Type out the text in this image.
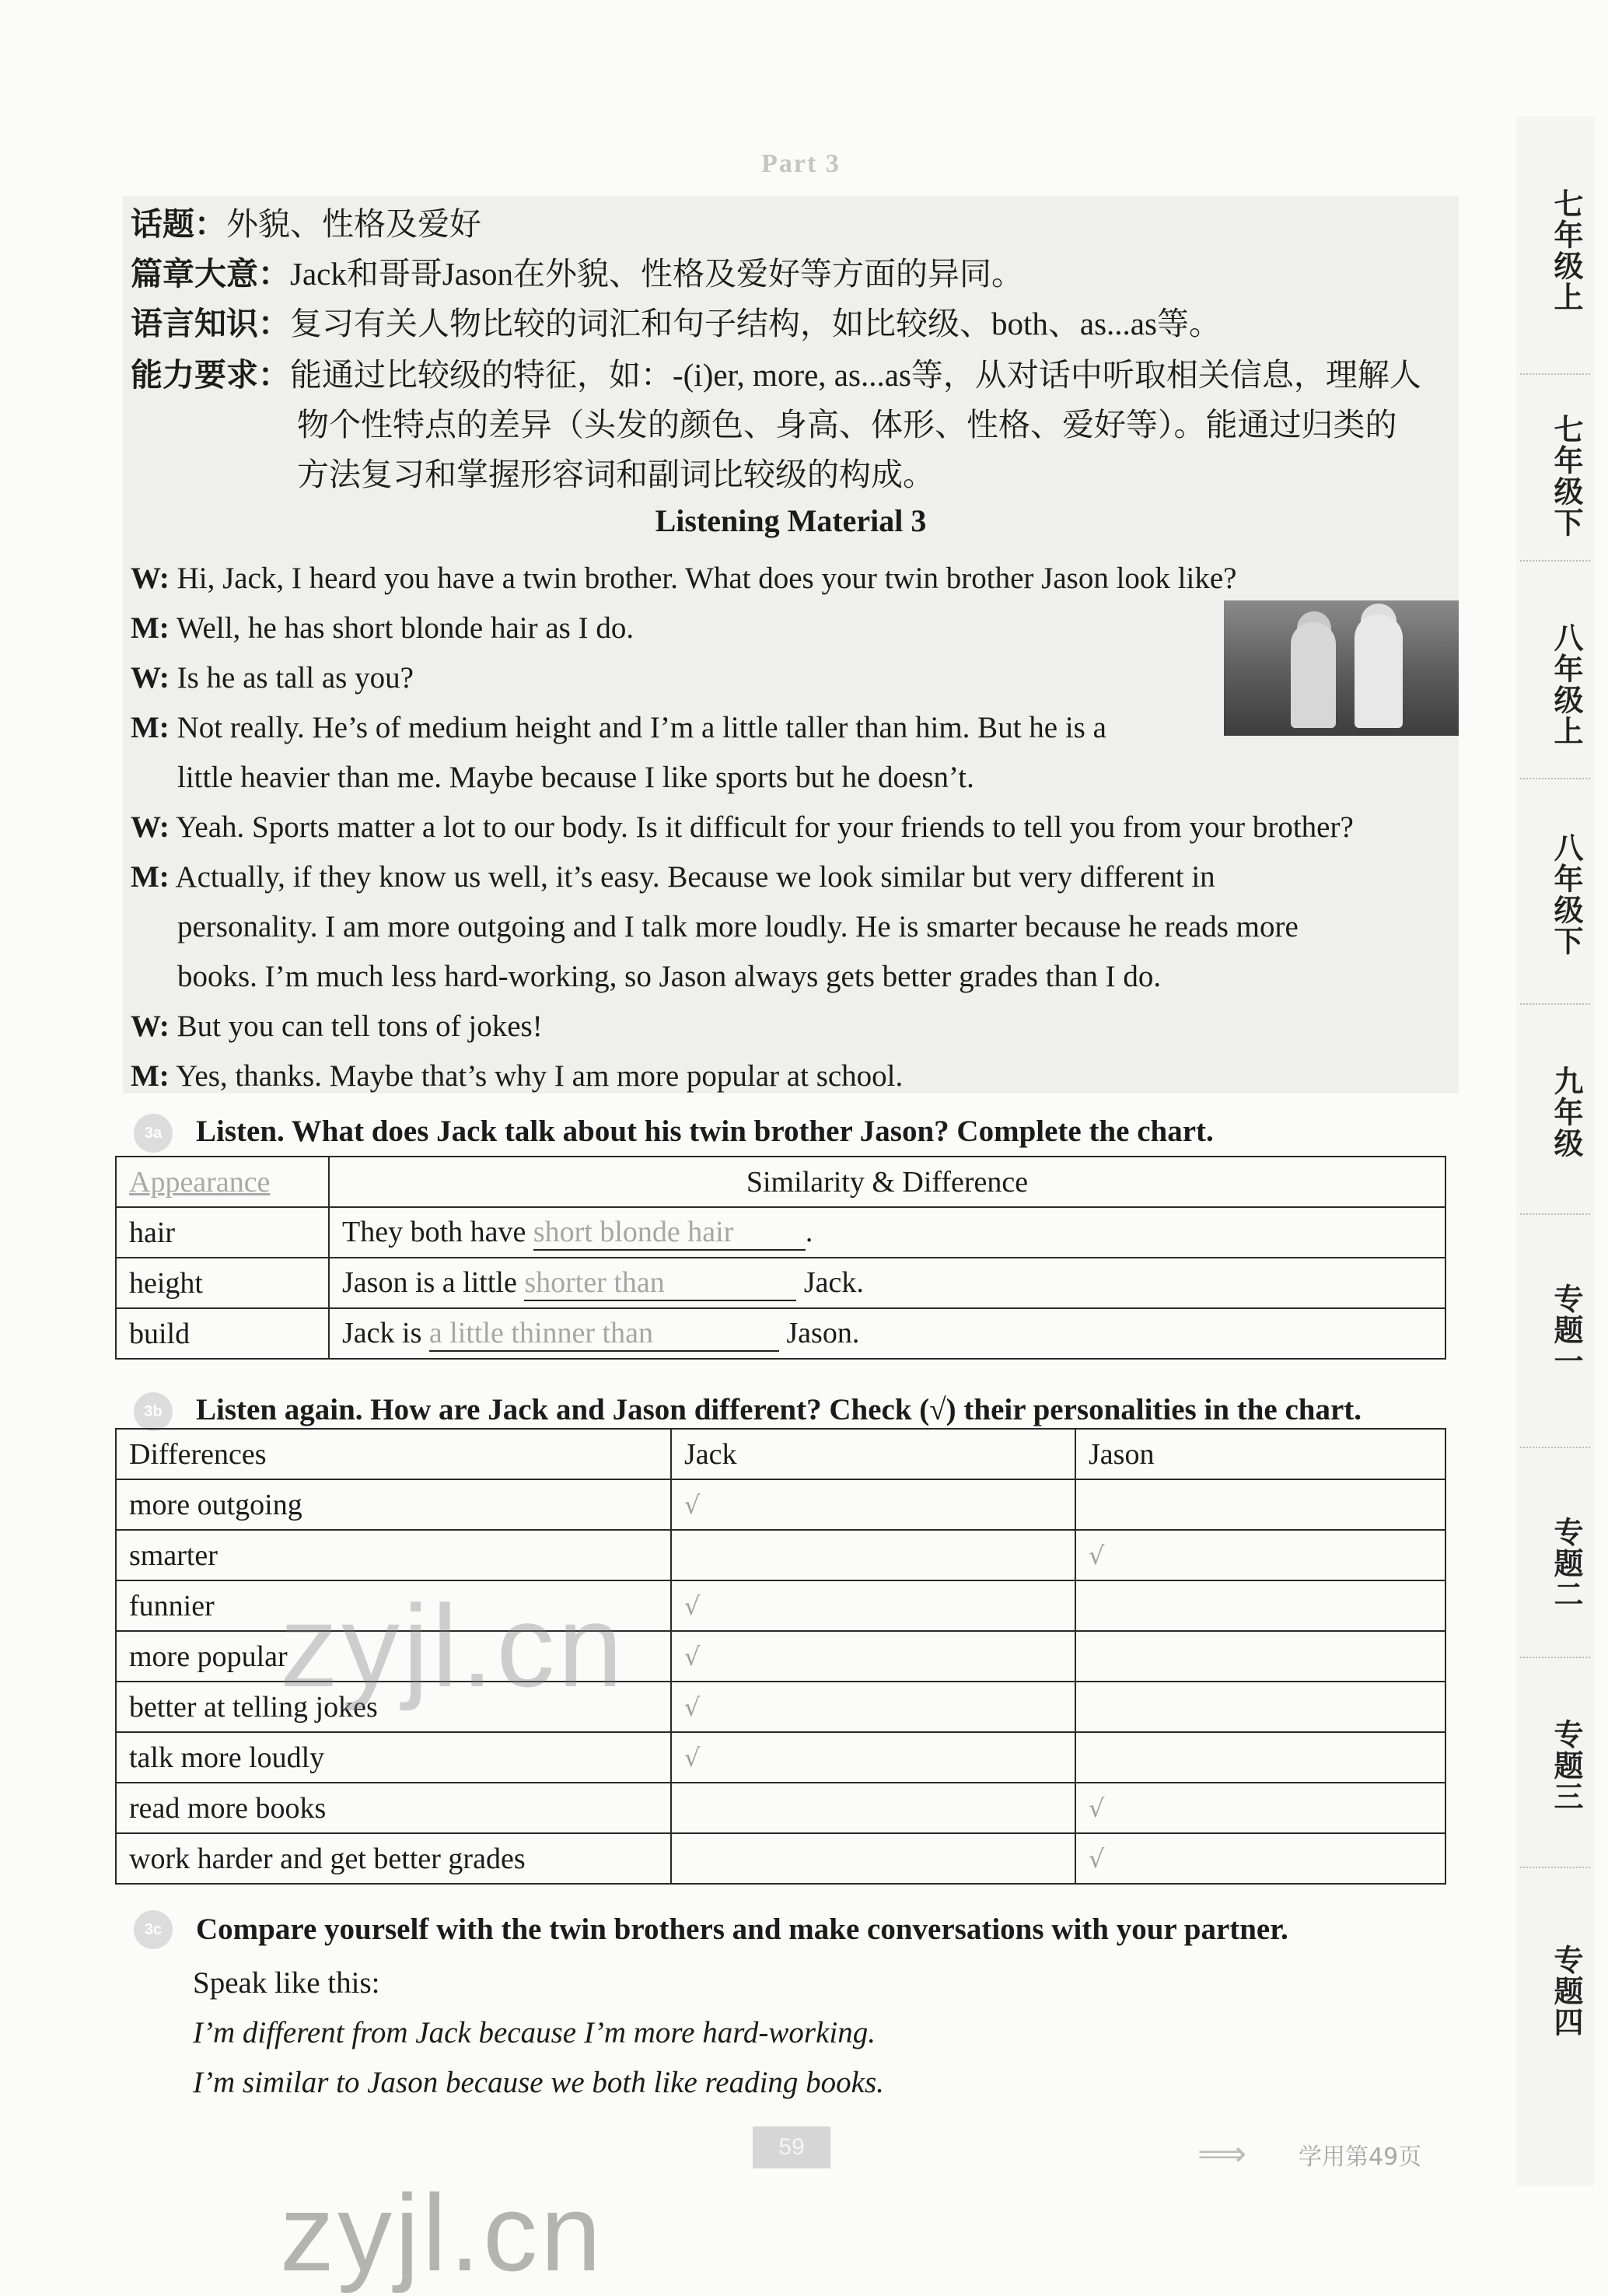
Part 3
话题：外貌、性格及爱好
篇章大意：Jack和哥哥Jason在外貌、性格及爱好等方面的异同。
语言知识：复习有关人物比较的词汇和句子结构，如比较级、both、as...as等。
能力要求：能通过比较级的特征，如：-(i)er, more, as...as等，从对话中听取相关信息，理解人
物个性特点的差异（头发的颜色、身高、体形、性格、爱好等）。能通过归类的
方法复习和掌握形容词和副词比较级的构成。
Listening Material 3
W: Hi, Jack, I heard you have a twin brother. What does your twin brother Jason look like?
M: Well, he has short blonde hair as I do.
W: Is he as tall as you?
M: Not really. He’s of medium height and I’m a little taller than him. But he is a
little heavier than me. Maybe because I like sports but he doesn’t.
W: Yeah. Sports matter a lot to our body. Is it difficult for your friends to tell you from your brother?
M: Actually, if they know us well, it’s easy. Because we look similar but very different in
personality. I am more outgoing and I talk more loudly. He is smarter because he reads more
books. I’m much less hard-working, so Jason always gets better grades than I do.
W: But you can tell tons of jokes!
M: Yes, thanks. Maybe that’s why I am more popular at school.
3a	Listen. What does Jack talk about his twin brother Jason? Complete the chart.
Appearance	Similarity & Difference
hair	They both have short blonde hair .
height	Jason is a little shorter than Jack.
build	Jack is a little thinner than Jason.
3b	Listen again. How are Jack and Jason different? Check (√) their personalities in the chart.
Differences	Jack	Jason
more outgoing	√	
smarter		√
funnier	√	
more popular	√	
better at telling jokes	√	
talk more loudly	√	
read more books		√
work harder and get better grades		√
zyjl.cn
3c	Compare yourself with the twin brothers and make conversations with your partner.
Speak like this:
I’m different from Jack because I’m more hard-working.
I’m similar to Jason because we both like reading books.
59	⟹ 学用第49页
zyjl.cn
七年级上
七年级下
八年级上
八年级下
九年级
专题一
专题二
专题三
专题四
